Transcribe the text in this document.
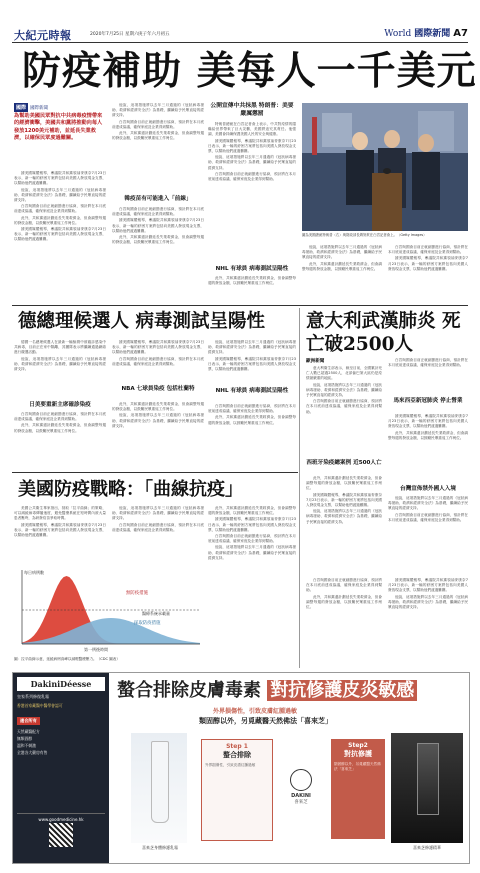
大紀元時報	2020年7月25日 星期六 庚子年六月初五	World 國際新聞 A7
防疫補助 美每人一千美元
國際 國際新聞
為幫助美國民眾對抗中共病毒疫情帶來的經濟衝擊，美國共和黨將推動向每人發放1200美元補助，並延長失業救濟，以確保民眾度過難關。

據美國媒體報導，參議院共和黨領袖麥康奈7月23日表示，新一輪的紓困方案將包括向美國人發放現金支票，以幫助他們渡過難關。

他說，這項措施將以去年三月通過的《冠狀病毒援助、救濟和經濟安全法》為基礎，繼續給予民眾直接的經濟支持。

白宮與國會目前正就細節進行協商，預計將在本月底前達成協議，確保家庭及企業得到幫助。

此外，共和黨還計劃延長失業救濟金，但會調整每週的發放金額，以鼓勵民眾重返工作崗位。

據美國媒體報導，參議院共和黨領袖麥康奈7月23日表示，新一輪的紓困方案將包括向美國人發放現金支票，以幫助他們渡過難關。

他說，這項措施將以去年三月通過的《冠狀病毒援助、救濟和經濟安全法》為基礎，繼續給予民眾直接的經濟支持。

白宮與國會目前正就細節進行協商，預計將在本月底前達成協議，確保家庭及企業得到幫助。

此外，共和黨還計劃延長失業救濟金，但會調整每週的發放金額，以鼓勵民眾重返工作崗位。

韓疫苗有可能進入「前線」

白宮與國會目前正就細節進行協商，預計將在本月底前達成協議，確保家庭及企業得到幫助。

據美國媒體報導，參議院共和黨領袖麥康奈7月23日表示，新一輪的紓困方案將包括向美國人發放現金支票，以幫助他們渡過難關。

此外，共和黨還計劃延長失業救濟金，但會調整每週的發放金額，以鼓勵民眾重返工作崗位。

公開宣傳中共抹黑 特朗普：美要嚴厲懲罰

特朗普總統在白宮記者會上表示，中共對疫情的隱瞞給世界帶來了巨大災難，美國將追究其責任。他強調，美國會持續保護美國人民的安全與健康。

據美國媒體報導，參議院共和黨領袖麥康奈7月23日表示，新一輪的紓困方案將包括向美國人發放現金支票，以幫助他們渡過難關。

他說，這項措施將以去年三月通過的《冠狀病毒援助、救濟和經濟安全法》為基礎，繼續給予民眾直接的經濟支持。

白宮與國會目前正就細節進行協商，預計將在本月底前達成協議，確保家庭及企業得到幫助。

NHL 有球員 病毒測試呈陽性

此外，共和黨還計劃延長失業救濟金，但會調整每週的發放金額，以鼓勵民眾重返工作崗位。

圖為美國總統特朗普（右）與財政部長姆努欽在白宮記者會上。（Getty Images）

他說，這項措施將以去年三月通過的《冠狀病毒援助、救濟和經濟安全法》為基礎，繼續給予民眾直接的經濟支持。

此外，共和黨還計劃延長失業救濟金，但會調整每週的發放金額，以鼓勵民眾重返工作崗位。

白宮與國會目前正就細節進行協商，預計將在本月底前達成協議，確保家庭及企業得到幫助。

據美國媒體報導，參議院共和黨領袖麥康奈7月23日表示，新一輪的紓困方案將包括向美國人發放現金支票，以幫助他們渡過難關。

德總理候選人 病毒測試呈陽性

德國一名總理候選人在最新一輪檢測中被確診感染中共病毒，目前正在家中隔離，其團隊表示將繼續通過網絡進行競選活動。

他說，這項措施將以去年三月通過的《冠狀病毒援助、救濟和經濟安全法》為基礎，繼續給予民眾直接的經濟支持。

日美要重新主席確診染疫

白宮與國會目前正就細節進行協商，預計將在本月底前達成協議，確保家庭及企業得到幫助。

此外，共和黨還計劃延長失業救濟金，但會調整每週的發放金額，以鼓勵民眾重返工作崗位。

據美國媒體報導，參議院共和黨領袖麥康奈7月23日表示，新一輪的紓困方案將包括向美國人發放現金支票，以幫助他們渡過難關。

白宮與國會目前正就細節進行協商，預計將在本月底前達成協議，確保家庭及企業得到幫助。

NBA 七球員染疫 包括杜蘭特

此外，共和黨還計劃延長失業救濟金，但會調整每週的發放金額，以鼓勵民眾重返工作崗位。

他說，這項措施將以去年三月通過的《冠狀病毒援助、救濟和經濟安全法》為基礎，繼續給予民眾直接的經濟支持。

他說，這項措施將以去年三月通過的《冠狀病毒援助、救濟和經濟安全法》為基礎，繼續給予民眾直接的經濟支持。

據美國媒體報導，參議院共和黨領袖麥康奈7月23日表示，新一輪的紓困方案將包括向美國人發放現金支票，以幫助他們渡過難關。

NHL 有球員 病毒測試呈陽性

白宮與國會目前正就細節進行協商，預計將在本月底前達成協議，確保家庭及企業得到幫助。

此外，共和黨還計劃延長失業救濟金，但會調整每週的發放金額，以鼓勵民眾重返工作崗位。

意大利武漢肺炎 死亡破2500人
歐洲新聞

意大利衛生部表示，截至目前，全國累計死亡人數已超過2500人，北部倫巴第大區仍是疫情最嚴重的地區。

他說，這項措施將以去年三月通過的《冠狀病毒援助、救濟和經濟安全法》為基礎，繼續給予民眾直接的經濟支持。

白宮與國會目前正就細節進行協商，預計將在本月底前達成協議，確保家庭及企業得到幫助。

西班牙染疫總案例 近500人亡

此外，共和黨還計劃延長失業救濟金，但會調整每週的發放金額，以鼓勵民眾重返工作崗位。

據美國媒體報導，參議院共和黨領袖麥康奈7月23日表示，新一輪的紓困方案將包括向美國人發放現金支票，以幫助他們渡過難關。

他說，這項措施將以去年三月通過的《冠狀病毒援助、救濟和經濟安全法》為基礎，繼續給予民眾直接的經濟支持。

白宮與國會目前正就細節進行協商，預計將在本月底前達成協議，確保家庭及企業得到幫助。

馬來西亞新冠肺炎 停止營業

據美國媒體報導，參議院共和黨領袖麥康奈7月23日表示，新一輪的紓困方案將包括向美國人發放現金支票，以幫助他們渡過難關。

此外，共和黨還計劃延長失業救濟金，但會調整每週的發放金額，以鼓勵民眾重返工作崗位。

台灣宣佈禁外國人入境

他說，這項措施將以去年三月通過的《冠狀病毒援助、救濟和經濟安全法》為基礎，繼續給予民眾直接的經濟支持。

白宮與國會目前正就細節進行協商，預計將在本月底前達成協議，確保家庭及企業得到幫助。

美國防疫戰略：「曲線抗疫」

美國公共衛生專家指出，採取「拉平曲線」的策略，可以減緩病毒傳播速度，避免醫療系統在短時間內被大量患者壓垮，為研發疫苗爭取時間。

據美國媒體報導，參議院共和黨領袖麥康奈7月23日表示，新一輪的紓困方案將包括向美國人發放現金支票，以幫助他們渡過難關。

他說，這項措施將以去年三月通過的《冠狀病毒援助、救濟和經濟安全法》為基礎，繼續給予民眾直接的經濟支持。

白宮與國會目前正就細節進行協商，預計將在本月底前達成協議，確保家庭及企業得到幫助。

此外，共和黨還計劃延長失業救濟金，但會調整每週的發放金額，以鼓勵民眾重返工作崗位。

據美國媒體報導，參議院共和黨領袖麥康奈7月23日表示，新一輪的紓困方案將包括向美國人發放現金支票，以幫助他們渡過難關。

白宮與國會目前正就細節進行協商，預計將在本月底前達成協議，確保家庭及企業得到幫助。

他說，這項措施將以去年三月通過的《冠狀病毒援助、救濟和經濟安全法》為基礎，繼續給予民眾直接的經濟支持。

無防疫措施
採取防疫措施
醫療系統承載量
第一例後時間
每日病例數
圖：拉平曲線示意，延緩病例高峰以減輕醫療壓力。（CDC 圖表）

白宮與國會目前正就細節進行協商，預計將在本月底前達成協議，確保家庭及企業得到幫助。

此外，共和黨還計劃延長失業救濟金，但會調整每週的發放金額，以鼓勵民眾重返工作崗位。

據美國媒體報導，參議院共和黨領袖麥康奈7月23日表示，新一輪的紓困方案將包括向美國人發放現金支票，以幫助他們渡過難關。

他說，這項措施將以去年三月通過的《冠狀病毒援助、救濟和經濟安全法》為基礎，繼續給予民眾直接的經濟支持。

DakiniDéesse
皇家系列修復乳霜
香港首家藏醫中醫學會認可
適合所有
天然藏醫配方
無類固醇
溫和不刺激
全港各大藥房有售
www.goodmedicine.hk
螯合排除皮膚毒素 對抗修護皮炎敏感
外界損傷性，引致皮膚紅腫過敏
類固醇以外，另覓藏醫天然佛法「喜來芝」
喜來芝身體修護乳霜
Step 1
螯合排除
外界損傷性，引致皮膚紅腫過敏
DAKINI
喜來芝
Step2
對抗修護
類固醇以外，另覓藏醫天然佛法「喜來芝」
喜來芝修護精華
